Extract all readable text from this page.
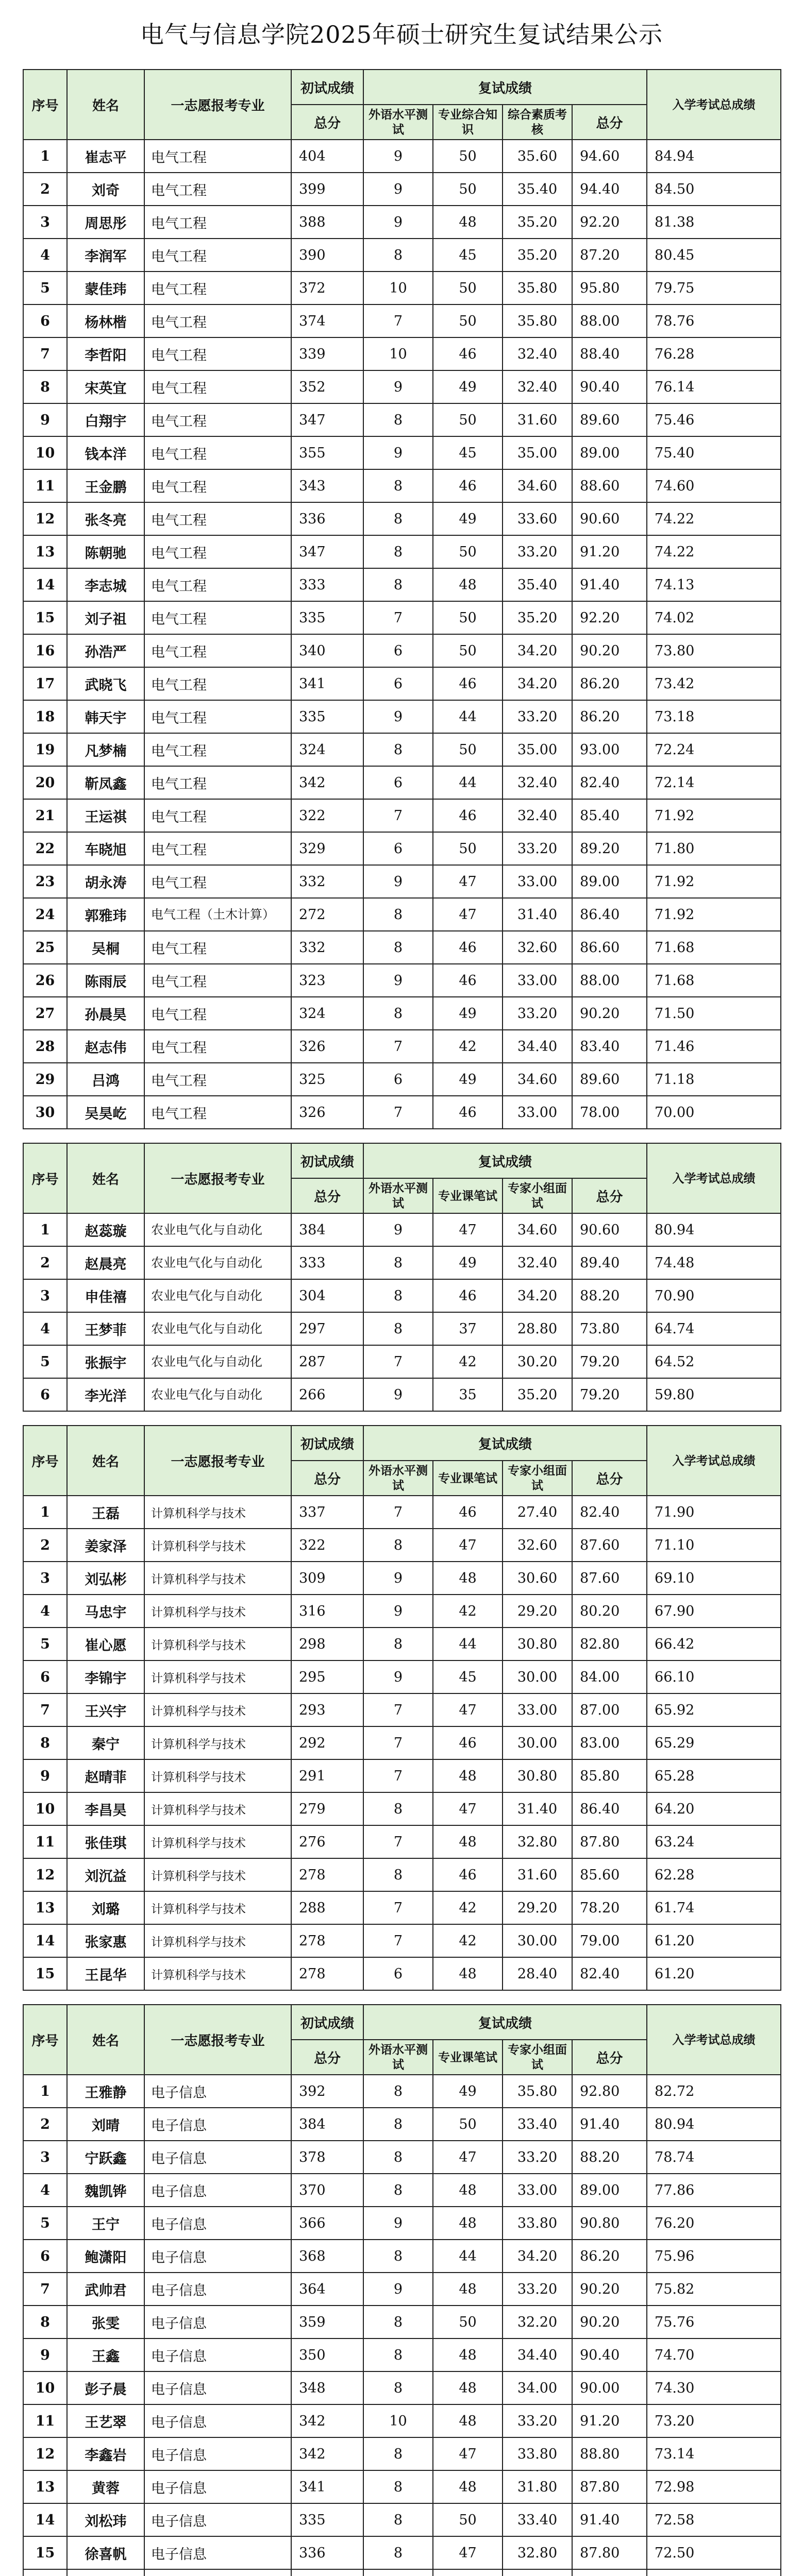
电气与信息学院2025年硕士研究生复试结果公示
序号	姓名	一志愿报考专业	初试成绩	复试成绩				入学考试总成绩
			总分	外语水平测试	专业综合知识	综合素质考核	总分	
1	崔志平	电气工程	404	9	50	35.60	94.60	84.94
2	刘奇	电气工程	399	9	50	35.40	94.40	84.50
3	周思彤	电气工程	388	9	48	35.20	92.20	81.38
4	李润军	电气工程	390	8	45	35.20	87.20	80.45
5	蒙佳玮	电气工程	372	10	50	35.80	95.80	79.75
6	杨林楷	电气工程	374	7	50	35.80	88.00	78.76
7	李哲阳	电气工程	339	10	46	32.40	88.40	76.28
8	宋英宜	电气工程	352	9	49	32.40	90.40	76.14
9	白翔宇	电气工程	347	8	50	31.60	89.60	75.46
10	钱本洋	电气工程	355	9	45	35.00	89.00	75.40
11	王金鹏	电气工程	343	8	46	34.60	88.60	74.60
12	张冬亮	电气工程	336	8	49	33.60	90.60	74.22
13	陈朝驰	电气工程	347	8	50	33.20	91.20	74.22
14	李志城	电气工程	333	8	48	35.40	91.40	74.13
15	刘子祖	电气工程	335	7	50	35.20	92.20	74.02
16	孙浩严	电气工程	340	6	50	34.20	90.20	73.80
17	武晓飞	电气工程	341	6	46	34.20	86.20	73.42
18	韩天宇	电气工程	335	9	44	33.20	86.20	73.18
19	凡梦楠	电气工程	324	8	50	35.00	93.00	72.24
20	靳凤鑫	电气工程	342	6	44	32.40	82.40	72.14
21	王运祺	电气工程	322	7	46	32.40	85.40	71.92
22	车晓旭	电气工程	329	6	50	33.20	89.20	71.80
23	胡永涛	电气工程	332	9	47	33.00	89.00	71.92
24	郭雅玮	电气工程（土木计算）	272	8	47	31.40	86.40	71.92
25	吴桐	电气工程	332	8	46	32.60	86.60	71.68
26	陈雨辰	电气工程	323	9	46	33.00	88.00	71.68
27	孙晨昊	电气工程	324	8	49	33.20	90.20	71.50
28	赵志伟	电气工程	326	7	42	34.40	83.40	71.46
29	吕鸿	电气工程	325	6	49	34.60	89.60	71.18
30	吴昊屹	电气工程	326	7	46	33.00	78.00	70.00
序号	姓名	一志愿报考专业	初试成绩	复试成绩				入学考试总成绩
			总分	外语水平测试	专业课笔试	专家小组面试	总分	
1	赵蕊璇	农业电气化与自动化	384	9	47	34.60	90.60	80.94
2	赵晨亮	农业电气化与自动化	333	8	49	32.40	89.40	74.48
3	申佳禧	农业电气化与自动化	304	8	46	34.20	88.20	70.90
4	王梦菲	农业电气化与自动化	297	8	37	28.80	73.80	64.74
5	张振宇	农业电气化与自动化	287	7	42	30.20	79.20	64.52
6	李光洋	农业电气化与自动化	266	9	35	35.20	79.20	59.80
序号	姓名	一志愿报考专业	初试成绩	复试成绩				入学考试总成绩
			总分	外语水平测试	专业课笔试	专家小组面试	总分	
1	王磊	计算机科学与技术	337	7	46	27.40	82.40	71.90
2	姜家泽	计算机科学与技术	322	8	47	32.60	87.60	71.10
3	刘弘彬	计算机科学与技术	309	9	48	30.60	87.60	69.10
4	马忠宇	计算机科学与技术	316	9	42	29.20	80.20	67.90
5	崔心愿	计算机科学与技术	298	8	44	30.80	82.80	66.42
6	李锦宇	计算机科学与技术	295	9	45	30.00	84.00	66.10
7	王兴宇	计算机科学与技术	293	7	47	33.00	87.00	65.92
8	秦宁	计算机科学与技术	292	7	46	30.00	83.00	65.29
9	赵晴菲	计算机科学与技术	291	7	48	30.80	85.80	65.28
10	李昌昊	计算机科学与技术	279	8	47	31.40	86.40	64.20
11	张佳琪	计算机科学与技术	276	7	48	32.80	87.80	63.24
12	刘沉益	计算机科学与技术	278	8	46	31.60	85.60	62.28
13	刘璐	计算机科学与技术	288	7	42	29.20	78.20	61.74
14	张家惠	计算机科学与技术	278	7	42	30.00	79.00	61.20
15	王昆华	计算机科学与技术	278	6	48	28.40	82.40	61.20
序号	姓名	一志愿报考专业	初试成绩	复试成绩				入学考试总成绩
			总分	外语水平测试	专业课笔试	专家小组面试	总分	
1	王雅静	电子信息	392	8	49	35.80	92.80	82.72
2	刘晴	电子信息	384	8	50	33.40	91.40	80.94
3	宁跃鑫	电子信息	378	8	47	33.20	88.20	78.74
4	魏凯铧	电子信息	370	8	48	33.00	89.00	77.86
5	王宁	电子信息	366	9	48	33.80	90.80	76.20
6	鲍潇阳	电子信息	368	8	44	34.20	86.20	75.96
7	武帅君	电子信息	364	9	48	33.20	90.20	75.82
8	张雯	电子信息	359	8	50	32.20	90.20	75.76
9	王鑫	电子信息	350	8	48	34.40	90.40	74.70
10	彭子晨	电子信息	348	8	48	34.00	90.00	74.30
11	王艺翠	电子信息	342	10	48	33.20	91.20	73.20
12	李鑫岩	电子信息	342	8	47	33.80	88.80	73.14
13	黄蓉	电子信息	341	8	48	31.80	87.80	72.98
14	刘松玮	电子信息	335	8	50	33.40	91.40	72.58
15	徐喜帆	电子信息	336	8	47	32.80	87.80	72.50
